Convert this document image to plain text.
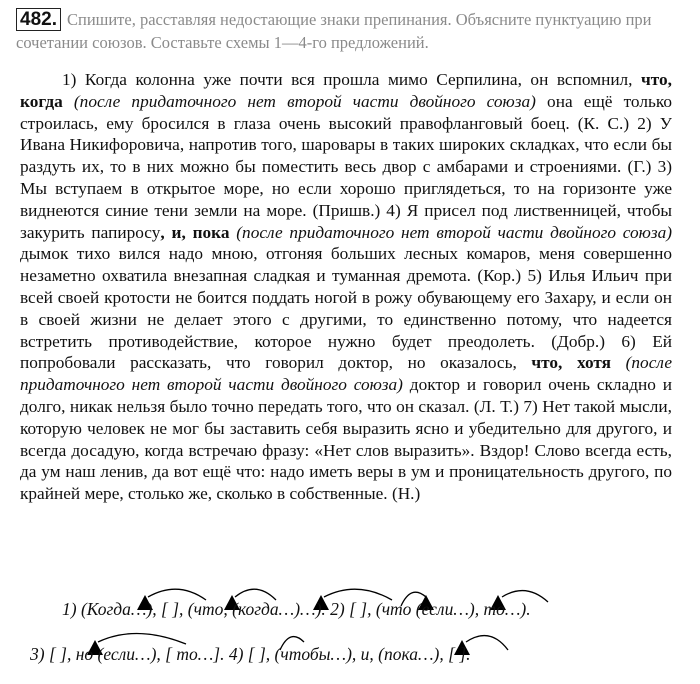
482. Спишите, расставляя недостающие знаки препинания. Объясните пунктуацию при сочетании союзов. Составьте схемы 1—4-го предложений.

1) Когда колонна уже почти вся прошла мимо Серпилина, он вспомнил, что, когда (после придаточного нет второй части двойного союза) она ещё только строилась, ему бросился в глаза очень высокий правофланговый боец. (К. С.) 2) У Ивана Никифоровича, напротив того, шаровары в таких широких складках, что если бы раздуть их, то в них можно бы поместить весь двор с амбарами и строениями. (Г.) 3) Мы вступаем в открытое море, но если хорошо приглядеться, то на горизонте уже виднеются синие тени земли на море. (Пришв.) 4) Я присел под лиственницей, чтобы закурить папиросу, и, пока (после придаточного нет второй части двойного союза) дымок тихо вился надо мною, отгоняя больших лесных комаров, меня совершенно незаметно охватила внезапная сладкая и туманная дремота. (Кор.) 5) Илья Ильич при всей своей кротости не боится поддать ногой в рожу обувающему его Захару, и если он в своей жизни не делает этого с другими, то единственно потому, что надеется встретить противодействие, которое нужно будет преодолеть. (Добр.) 6) Ей попробовали рассказать, что говорил доктор, но оказалось, что, хотя (после придаточного нет второй части двойного союза) доктор и говорил очень складно и долго, никак нельзя было точно передать того, что он сказал. (Л. Т.) 7) Нет такой мысли, которую человек не мог бы заставить себя выразить ясно и убедительно для другого, и всегда досадую, когда встречаю фразу: «Нет слов выразить». Вздор! Слово всегда есть, да ум наш ленив, да вот ещё что: надо иметь веры в ум и проницательность другого, по крайней мере, столько же, сколько в собственные. (Н.)

1) (Когда…), [ ], (что, (когда…)…). 2) [ ], (что (если…), то…).
3) [ ], но (если…), [ то…]. 4) [ ], (чтобы…), и, (пока…), [ ].
